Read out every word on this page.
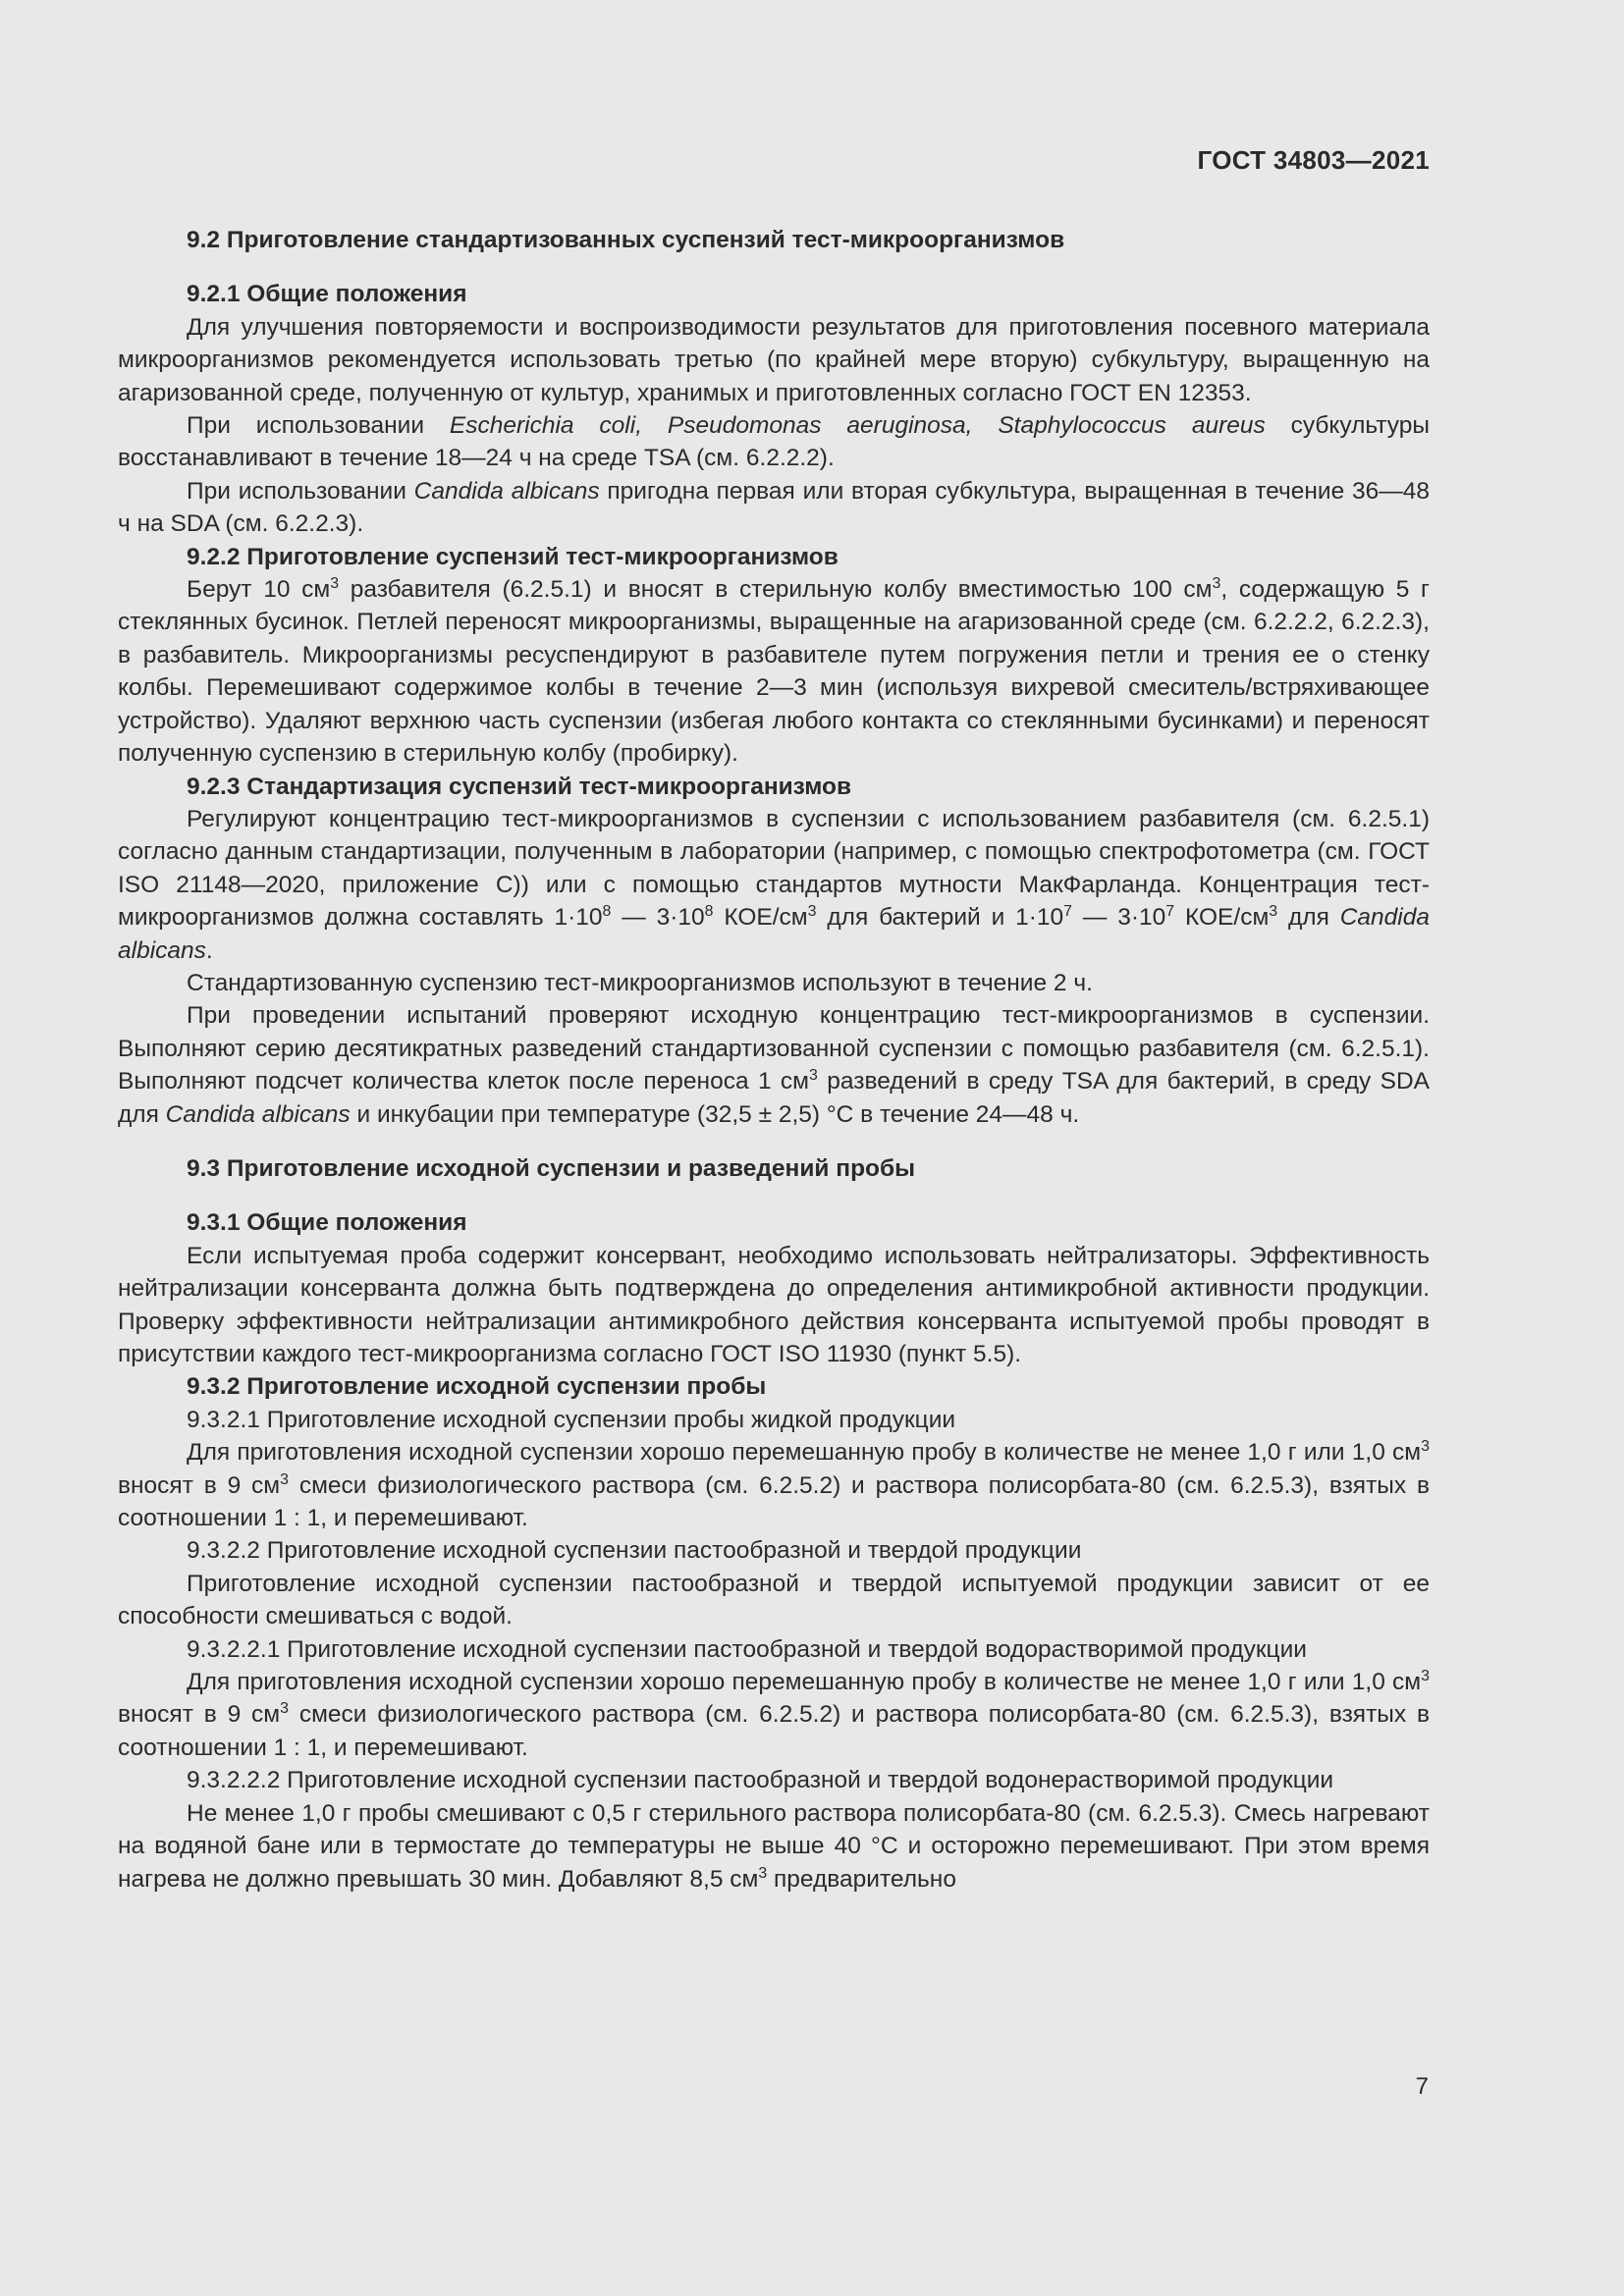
ГОСТ 34803—2021

9.2 Приготовление стандартизованных суспензий тест-микроорганизмов

9.2.1 Общие положения

Для улучшения повторяемости и воспроизводимости результатов для приготовления посевного материала микроорганизмов рекомендуется использовать третью (по крайней мере вторую) субкультуру, выращенную на агаризованной среде, полученную от культур, хранимых и приготовленных согласно ГОСТ EN 12353.

При использовании Escherichia coli, Pseudomonas aeruginosa, Staphylococcus aureus субкультуры восстанавливают в течение 18—24 ч на среде TSA (см. 6.2.2.2).

При использовании Candida albicans пригодна первая или вторая субкультура, выращенная в течение 36—48 ч на SDA (см. 6.2.2.3).

9.2.2 Приготовление суспензий тест-микроорганизмов

Берут 10 $см^3$ разбавителя (6.2.5.1) и вносят в стерильную колбу вместимостью 100 $см^3$, содержащую 5 г стеклянных бусинок. Петлей переносят микроорганизмы, выращенные на агаризованной среде (см. 6.2.2.2, 6.2.2.3), в разбавитель. Микроорганизмы ресуспендируют в разбавителе путем погружения петли и трения ее о стенку колбы. Перемешивают содержимое колбы в течение 2—3 мин (используя вихревой смеситель/встряхивающее устройство). Удаляют верхнюю часть суспензии (избегая любого контакта со стеклянными бусинками) и переносят полученную суспензию в стерильную колбу (пробирку).

9.2.3 Стандартизация суспензий тест-микроорганизмов

Регулируют концентрацию тест-микроорганизмов в суспензии с использованием разбавителя (см. 6.2.5.1) согласно данным стандартизации, полученным в лаборатории (например, с помощью спектрофотометра (см. ГОСТ ISO 21148—2020, приложение С)) или с помощью стандартов мутности МакФарланда. Концентрация тест-микроорганизмов должна составлять $1\cdot 10^8$ — $3\cdot 10^8$ КОЕ/$см^3$ для бактерий и $1\cdot 10^7$ — $3\cdot 10^7$ КОЕ/$см^3$ для Candida albicans.

Стандартизованную суспензию тест-микроорганизмов используют в течение 2 ч.

При проведении испытаний проверяют исходную концентрацию тест-микроорганизмов в суспензии. Выполняют серию десятикратных разведений стандартизованной суспензии с помощью разбавителя (см. 6.2.5.1). Выполняют подсчет количества клеток после переноса 1 $см^3$ разведений в среду TSA для бактерий, в среду SDA для Candida albicans и инкубации при температуре (32,5 ± 2,5) °С в течение 24—48 ч.

9.3 Приготовление исходной суспензии и разведений пробы

9.3.1 Общие положения

Если испытуемая проба содержит консервант, необходимо использовать нейтрализаторы. Эффективность нейтрализации консерванта должна быть подтверждена до определения антимикробной активности продукции. Проверку эффективности нейтрализации антимикробного действия консерванта испытуемой пробы проводят в присутствии каждого тест-микроорганизма согласно ГОСТ ISO 11930 (пункт 5.5).

9.3.2 Приготовление исходной суспензии пробы

9.3.2.1 Приготовление исходной суспензии пробы жидкой продукции

Для приготовления исходной суспензии хорошо перемешанную пробу в количестве не менее 1,0 г или 1,0 $см^3$ вносят в 9 $см^3$ смеси физиологического раствора (см. 6.2.5.2) и раствора полисорбата-80 (см. 6.2.5.3), взятых в соотношении 1 : 1, и перемешивают.

9.3.2.2 Приготовление исходной суспензии пастообразной и твердой продукции

Приготовление исходной суспензии пастообразной и твердой испытуемой продукции зависит от ее способности смешиваться с водой.

9.3.2.2.1 Приготовление исходной суспензии пастообразной и твердой водорастворимой продукции

Для приготовления исходной суспензии хорошо перемешанную пробу в количестве не менее 1,0 г или 1,0 $см^3$ вносят в 9 $см^3$ смеси физиологического раствора (см. 6.2.5.2) и раствора полисорбата-80 (см. 6.2.5.3), взятых в соотношении 1 : 1, и перемешивают.

9.3.2.2.2 Приготовление исходной суспензии пастообразной и твердой водонерастворимой продукции

Не менее 1,0 г пробы смешивают с 0,5 г стерильного раствора полисорбата-80 (см. 6.2.5.3). Смесь нагревают на водяной бане или в термостате до температуры не выше 40 °С и осторожно перемешивают. При этом время нагрева не должно превышать 30 мин. Добавляют 8,5 $см^3$ предварительно

7
